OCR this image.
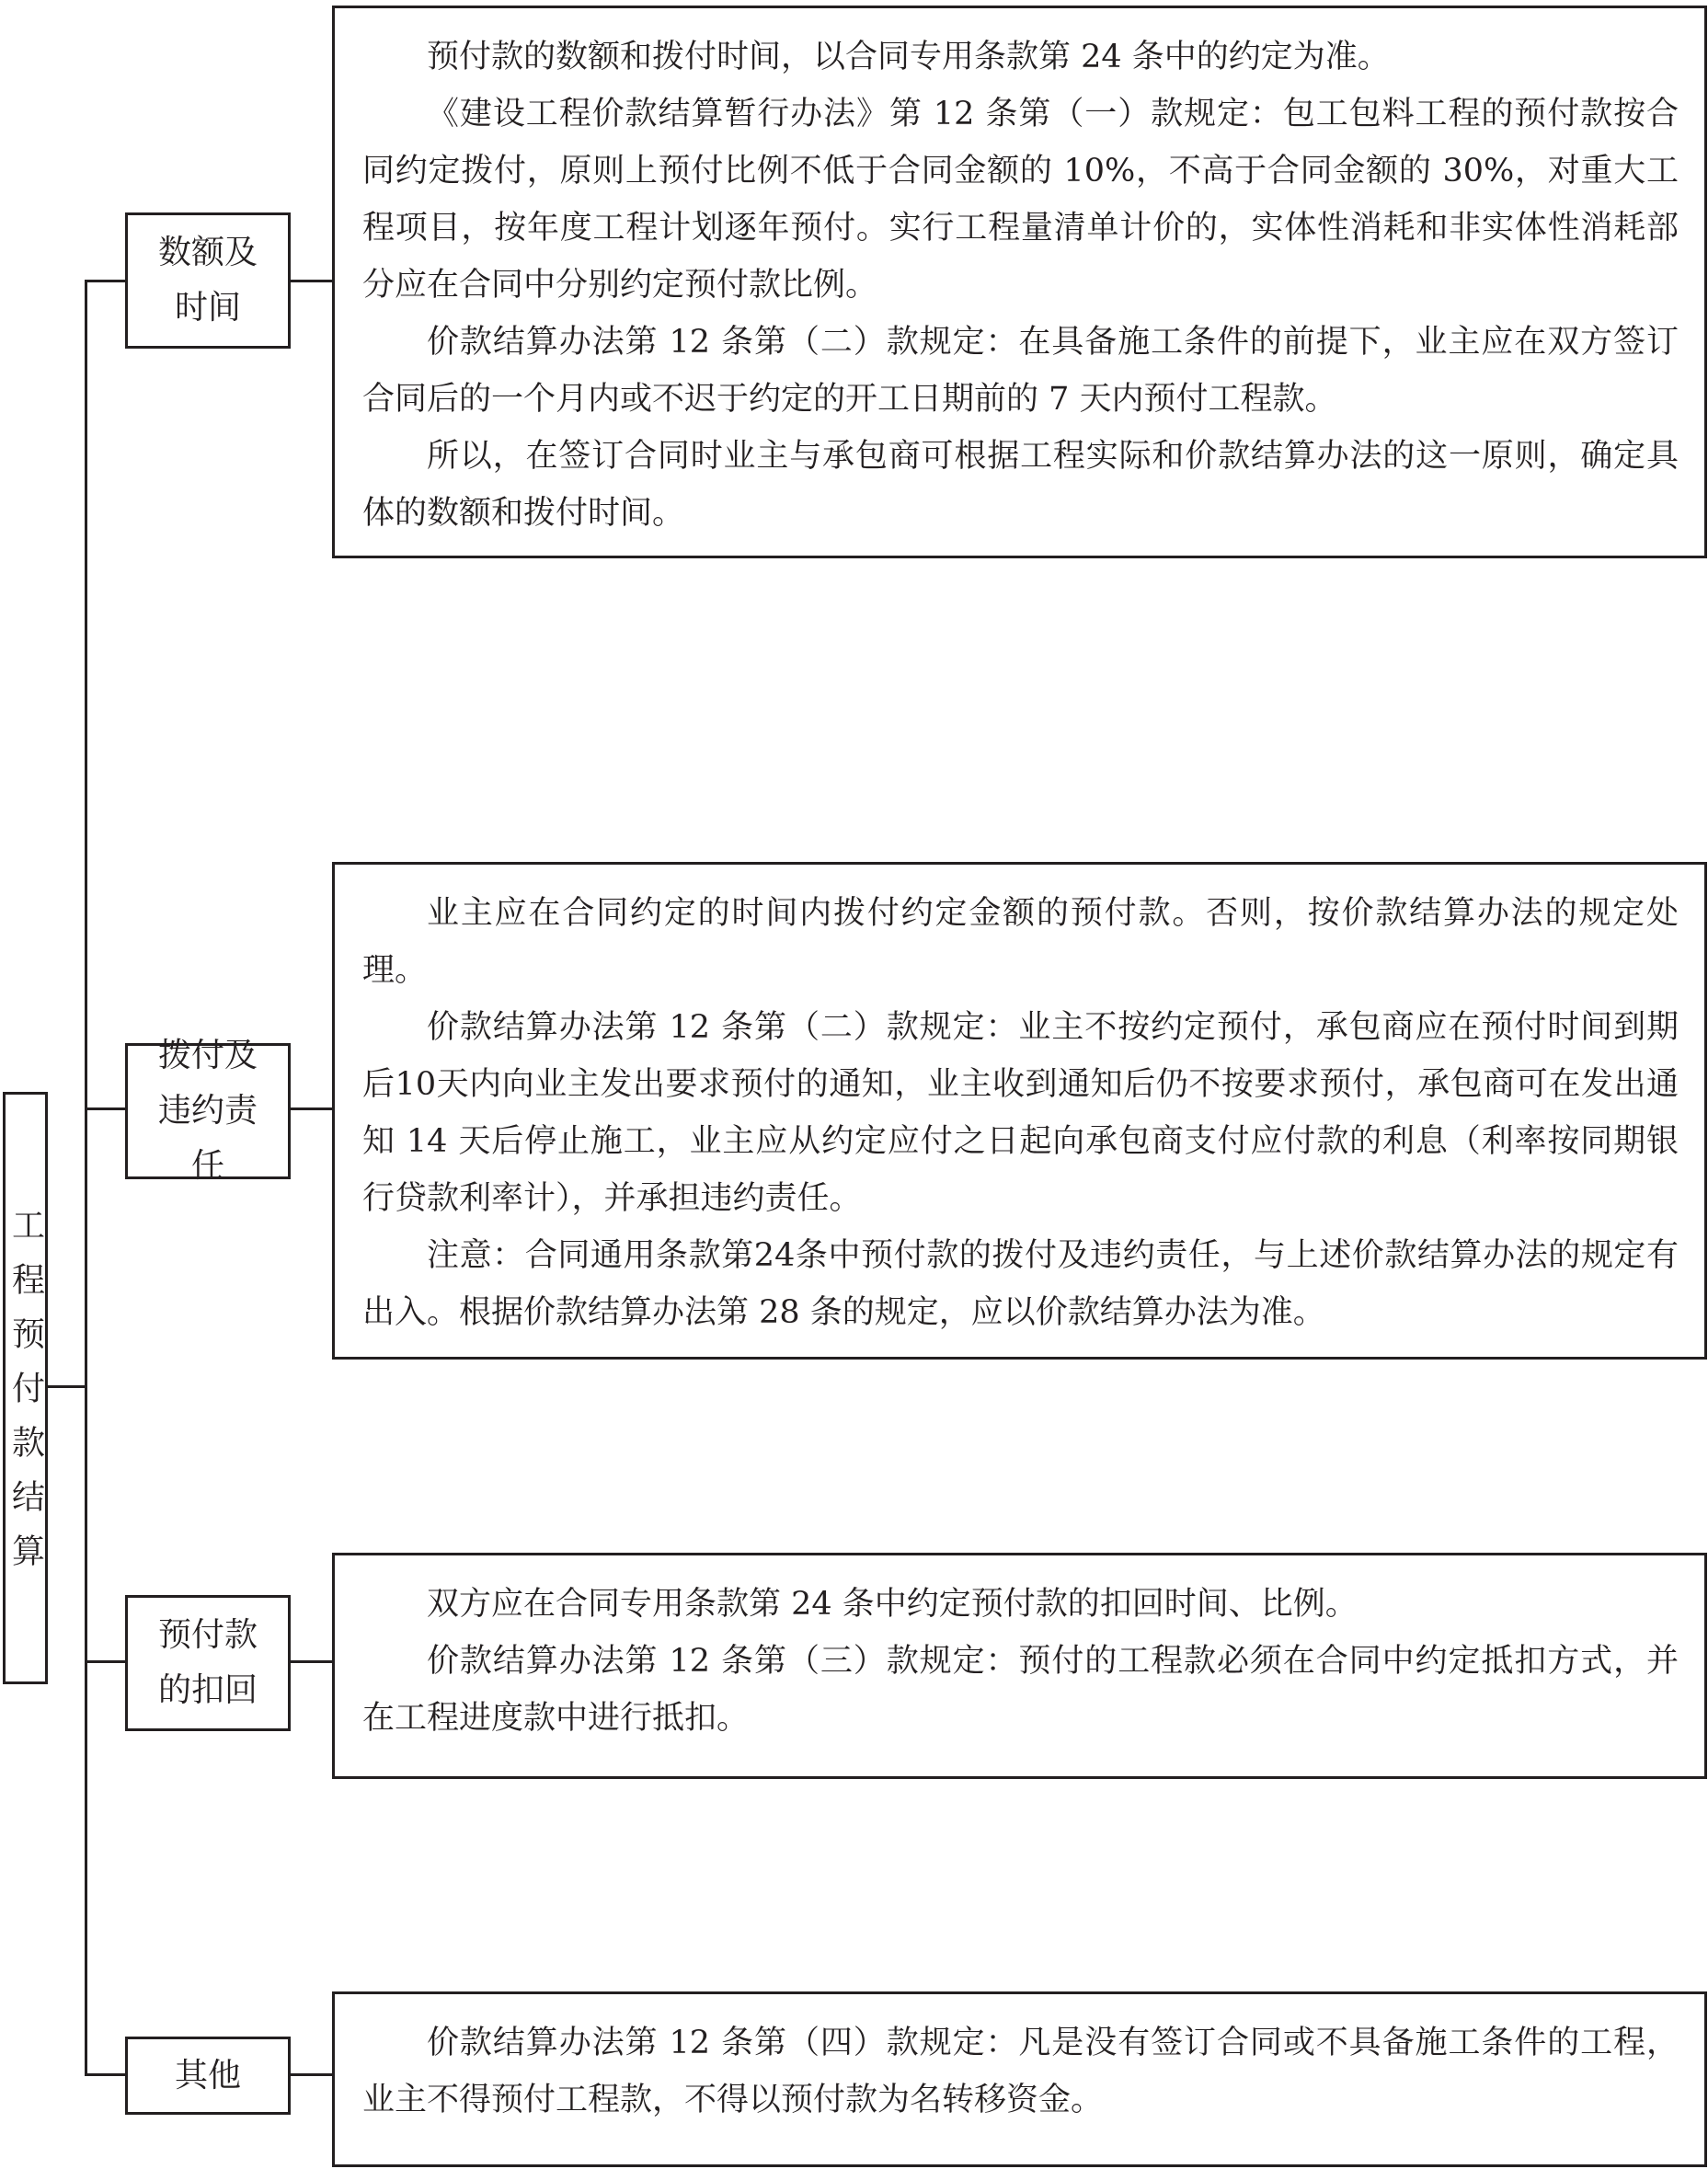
工程预付款结算
数额及时间
拨付及违约责任
预付款的扣回
其他

预付款的数额和拨付时间，以合同专用条款第 24 条中的约定为准。

《建设工程价款结算暂行办法》第 12 条第（一）款规定：包工包料工程的预付款按合同约定拨付，原则上预付比例不低于合同金额的 10%，不高于合同金额的 30%，对重大工程项目，按年度工程计划逐年预付。实行工程量清单计价的，实体性消耗和非实体性消耗部分应在合同中分别约定预付款比例。

价款结算办法第 12 条第（二）款规定：在具备施工条件的前提下，业主应在双方签订合同后的一个月内或不迟于约定的开工日期前的 7 天内预付工程款。

所以，在签订合同时业主与承包商可根据工程实际和价款结算办法的这一原则，确定具体的数额和拨付时间。

业主应在合同约定的时间内拨付约定金额的预付款。否则，按价款结算办法的规定处理。

价款结算办法第 12 条第（二）款规定：业主不按约定预付，承包商应在预付时间到期后10天内向业主发出要求预付的通知，业主收到通知后仍不按要求预付，承包商可在发出通知 14 天后停止施工，业主应从约定应付之日起向承包商支付应付款的利息（利率按同期银行贷款利率计），并承担违约责任。

注意：合同通用条款第24条中预付款的拨付及违约责任，与上述价款结算办法的规定有出入。根据价款结算办法第 28 条的规定，应以价款结算办法为准。

双方应在合同专用条款第 24 条中约定预付款的扣回时间、比例。

价款结算办法第 12 条第（三）款规定：预付的工程款必须在合同中约定抵扣方式，并在工程进度款中进行抵扣。

价款结算办法第 12 条第（四）款规定：凡是没有签订合同或不具备施工条件的工程，业主不得预付工程款，不得以预付款为名转移资金。
